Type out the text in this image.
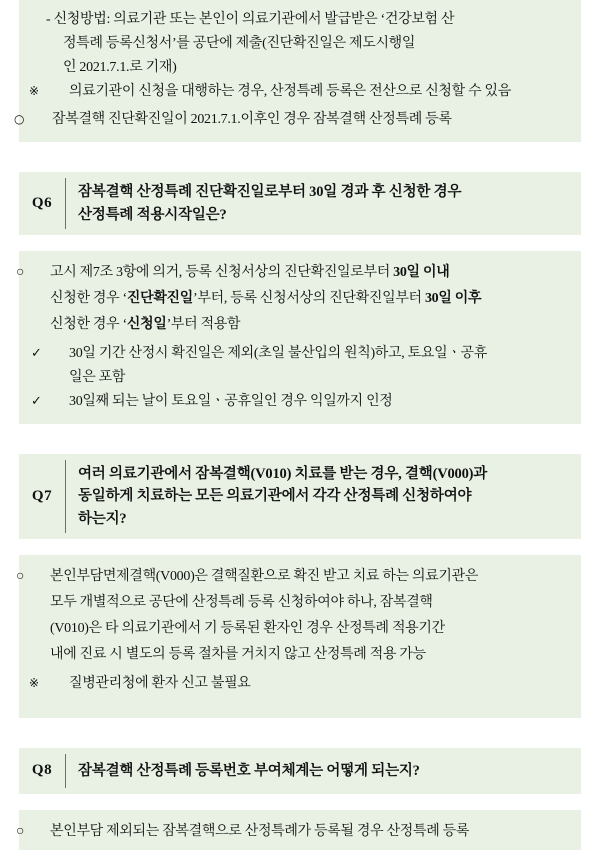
- 신청방법: 의료기관 또는 본인이 의료기관에서 발급받은 ‘건강보험 산

정특례 등록신청서’를 공단에 제출(진단확진일은 제도시행일

인 2021.7.1.로 기재)

※ 의료기관이 신청을 대행하는 경우, 산정특례 등록은 전산으로 신청할 수 있음

○ 잠복결핵 진단확진일이 2021.7.1.이후인 경우 잠복결핵 산정특례 등록

Q6
잠복결핵 산정특례 진단확진일로부터 30일 경과 후 신청한 경우
산정특례 적용시작일은?

○ 고시 제7조 3항에 의거, 등록 신청서상의 진단확진일로부터 30일 이내

신청한 경우 ‘진단확진일’부터, 등록 신청서상의 진단확진일부터 30일 이후

신청한 경우 ‘신청일’부터 적용함

✓ 30일 기간 산정시 확진일은 제외(초일 불산입의 원칙)하고, 토요일ㆍ공휴

일은 포함

✓ 30일째 되는 날이 토요일ㆍ공휴일인 경우 익일까지 인정

Q7
여러 의료기관에서 잠복결핵(V010) 치료를 받는 경우, 결핵(V000)과
동일하게 치료하는 모든 의료기관에서 각각 산정특례 신청하여야
하는지?

○ 본인부담면제결핵(V000)은 결핵질환으로 확진 받고 치료 하는 의료기관은

모두 개별적으로 공단에 산정특례 등록 신청하여야 하나, 잠복결핵

(V010)은 타 의료기관에서 기 등록된 환자인 경우 산정특례 적용기간

내에 진료 시 별도의 등록 절차를 거치지 않고 산정특례 적용 가능

※ 질병관리청에 환자 신고 불필요

Q8	잠복결핵 산정특례 등록번호 부여체계는 어떻게 되는지?

○ 본인부담 제외되는 잠복결핵으로 산정특례가 등록될 경우 산정특례 등록
